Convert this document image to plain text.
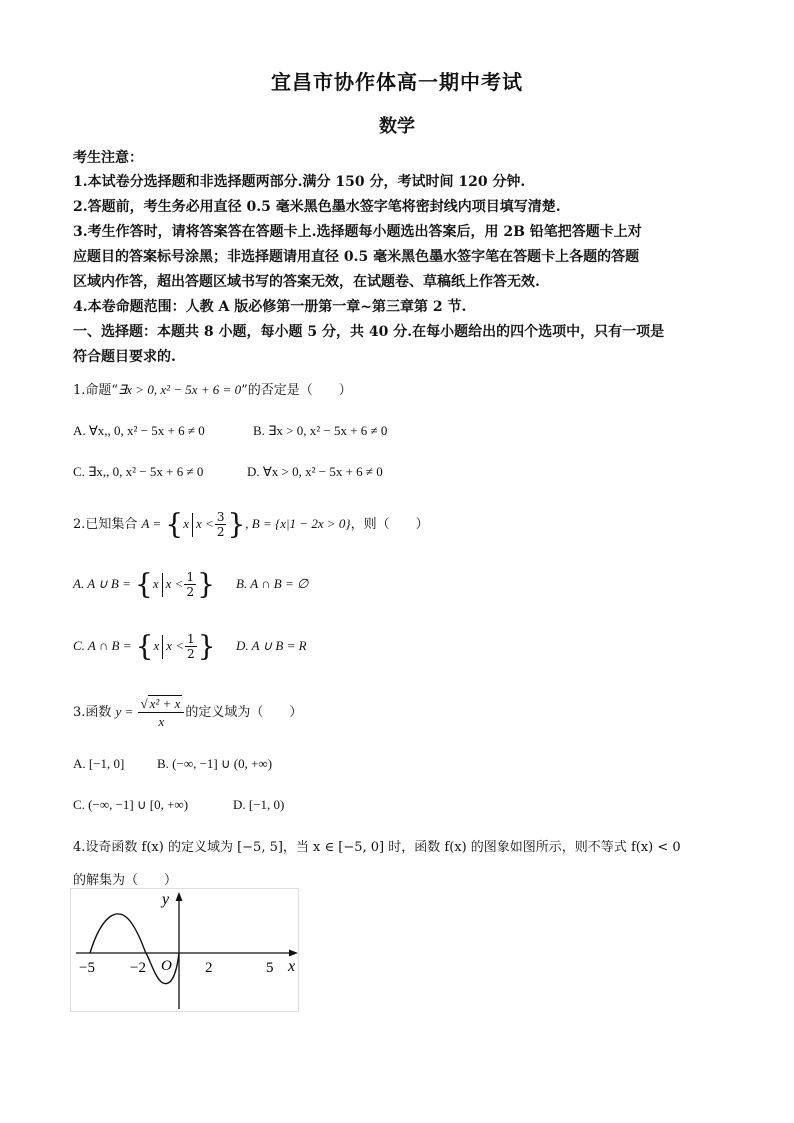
宜昌市协作体高一期中考试
数学
考生注意：
1.本试卷分选择题和非选择题两部分.满分 150 分，考试时间 120 分钟.
2.答题前，考生务必用直径 0.5 毫米黑色墨水签字笔将密封线内项目填写清楚.
3.考生作答时，请将答案答在答题卡上.选择题每小题选出答案后，用 2B 铅笔把答题卡上对
应题目的答案标号涂黑；非选择题请用直径 0.5 毫米黑色墨水签字笔在答题卡上各题的答题
区域内作答，超出答题区域书写的答案无效，在试题卷、草稿纸上作答无效.
4.本卷命题范围：人教 A 版必修第一册第一章~第三章第 2 节.
一、选择题：本题共 8 小题，每小题 5 分，共 40 分.在每小题给出的四个选项中，只有一项是
符合题目要求的.
1.命题“∃x > 0, x² − 5x + 6 = 0”的否定是（　　）
A. ∀x,, 0, x² − 5x + 6 ≠ 0	B. ∃x > 0, x² − 5x + 6 ≠ 0
C. ∃x,, 0, x² − 5x + 6 ≠ 0	D. ∀x > 0, x² − 5x + 6 ≠ 0
2.已知集合 A = {x $x < \frac{3}{2}$ }, B = {x|1 − 2x > 0}，则（　　）
A. A ∪ B = {x $x < \frac{1}{2}$ } B. A ∩ B = ∅
C. A ∩ B = {x $x < \frac{1}{2}$ } D. A ∪ B = R
3.函数 $y = \frac{\text{√ x² + x}}{x}$ 的定义域为（　　）
A. [−1, 0]	B. (−∞, −1] ∪ (0, +∞)
C. (−∞, −1] ∪ [0, +∞)	D. [−1, 0)
4.设奇函数 f(x) 的定义域为 [−5, 5]，当 x ∈ [−5, 0] 时，函数 f(x) 的图象如图所示，则不等式 f(x) < 0
的解集为（　　）
y
x
O
−5 −2	2	5
